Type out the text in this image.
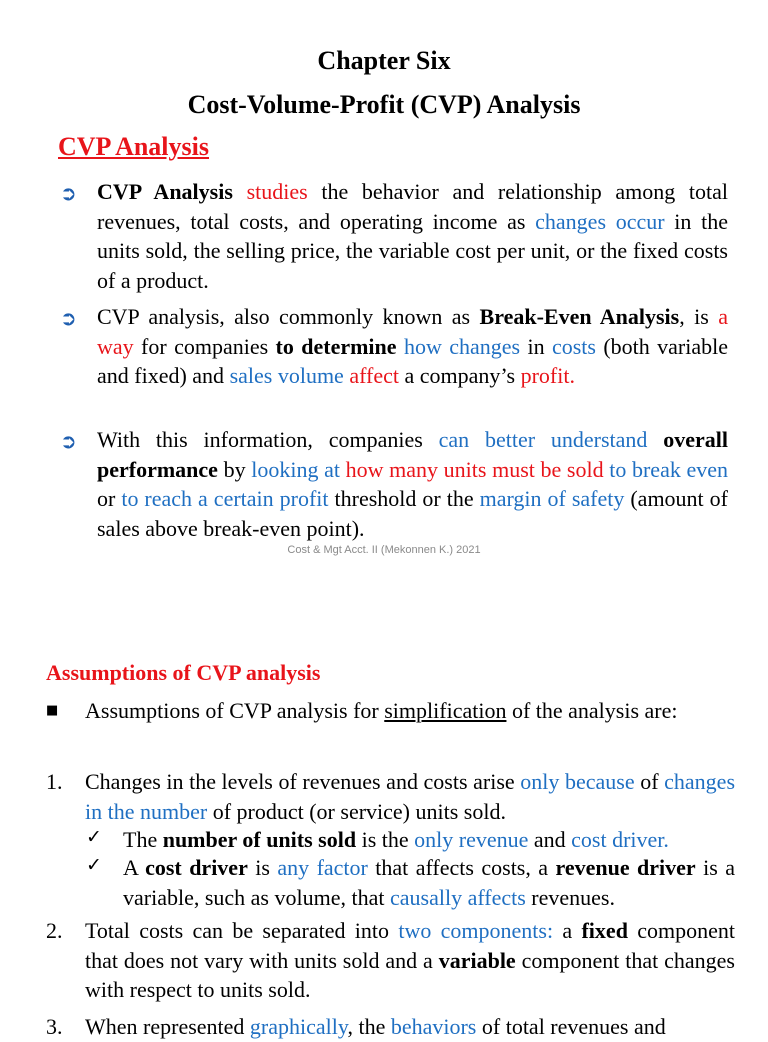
Chapter Six
Cost-Volume-Profit (CVP) Analysis
CVP Analysis
➲ CVP Analysis studies the behavior and relationship among total revenues, total costs, and operating income as changes occur in the units sold, the selling price, the variable cost per unit, or the fixed costs of a product.
➲ CVP analysis, also commonly known as Break-Even Analysis, is a way for companies to determine how changes in costs (both variable and fixed) and sales volume affect a company’s profit.
➲ With this information, companies can better understand overall performance by looking at how many units must be sold to break even or to reach a certain profit threshold or the margin of safety (amount of sales above break-even point).
Cost & Mgt Acct. II (Mekonnen K.) 2021
Assumptions of CVP analysis
■ Assumptions of CVP analysis for simplification of the analysis are:
1. Changes in the levels of revenues and costs arise only because of changes in the number of product (or service) units sold.
✓ The number of units sold is the only revenue and cost driver.
✓ A cost driver is any factor that affects costs, a revenue driver is a variable, such as volume, that causally affects revenues.
2. Total costs can be separated into two components: a fixed component that does not vary with units sold and a variable component that changes with respect to units sold.
3. When represented graphically, the behaviors of total revenues and
